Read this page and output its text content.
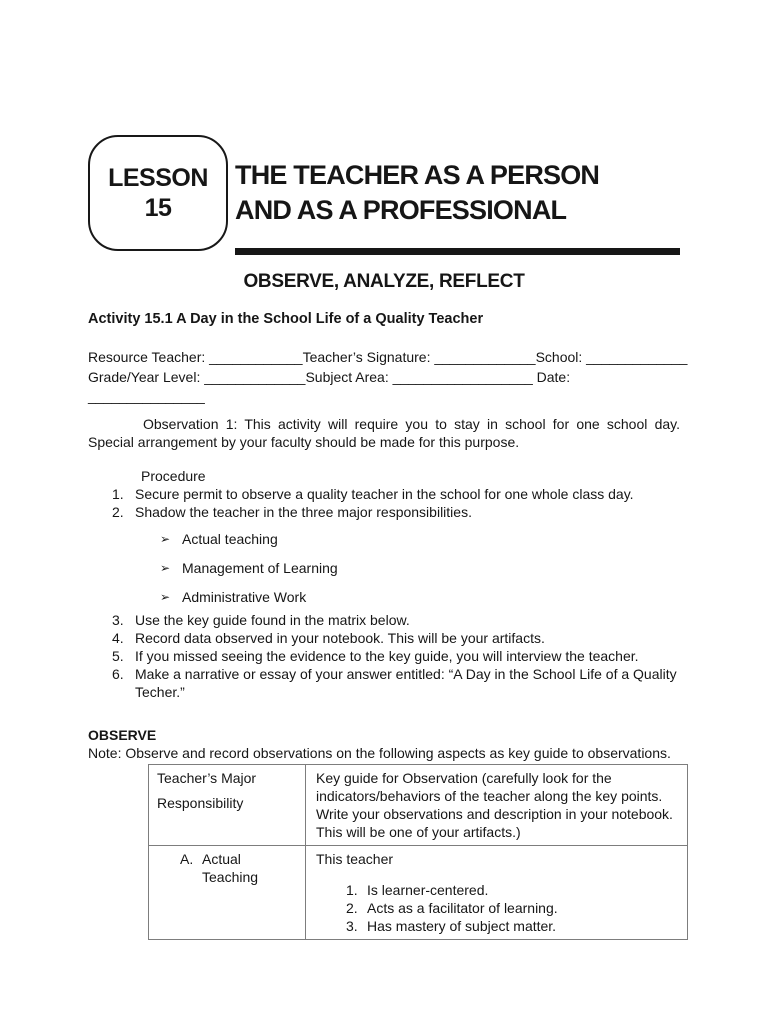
LESSON
15
THE TEACHER AS A PERSON
AND AS A PROFESSIONAL
OBSERVE, ANALYZE, REFLECT
Activity 15.1 A Day in the School Life of a Quality Teacher
Resource Teacher: ____________Teacher’s Signature: _____________School: _____________
Grade/Year Level: _____________Subject Area: __________________ Date:
_______________

Observation 1: This activity will require you to stay in school for one school day. Special arrangement by your faculty should be made for this purpose.

Procedure
1. Secure permit to observe a quality teacher in the school for one whole class day.
2. Shadow the teacher in the three major responsibilities.
➢ Actual teaching
➢ Management of Learning
➢ Administrative Work
3. Use the key guide found in the matrix below.
4. Record data observed in your notebook. This will be your artifacts.
5. If you missed seeing the evidence to the key guide, you will interview the teacher.
6. Make a narrative or essay of your answer entitled: “A Day in the School Life of a Quality Techer.”
OBSERVE
Note: Observe and record observations on the following aspects as key guide to observations.
Teacher’s Major
Responsibility
Key guide for Observation (carefully look for the indicators/behaviors of the teacher along the key points. Write your observations and description in your notebook. This will be one of your artifacts.)
A. Actual Teaching
This teacher
1. Is learner-centered.
2. Acts as a facilitator of learning.
3. Has mastery of subject matter.
